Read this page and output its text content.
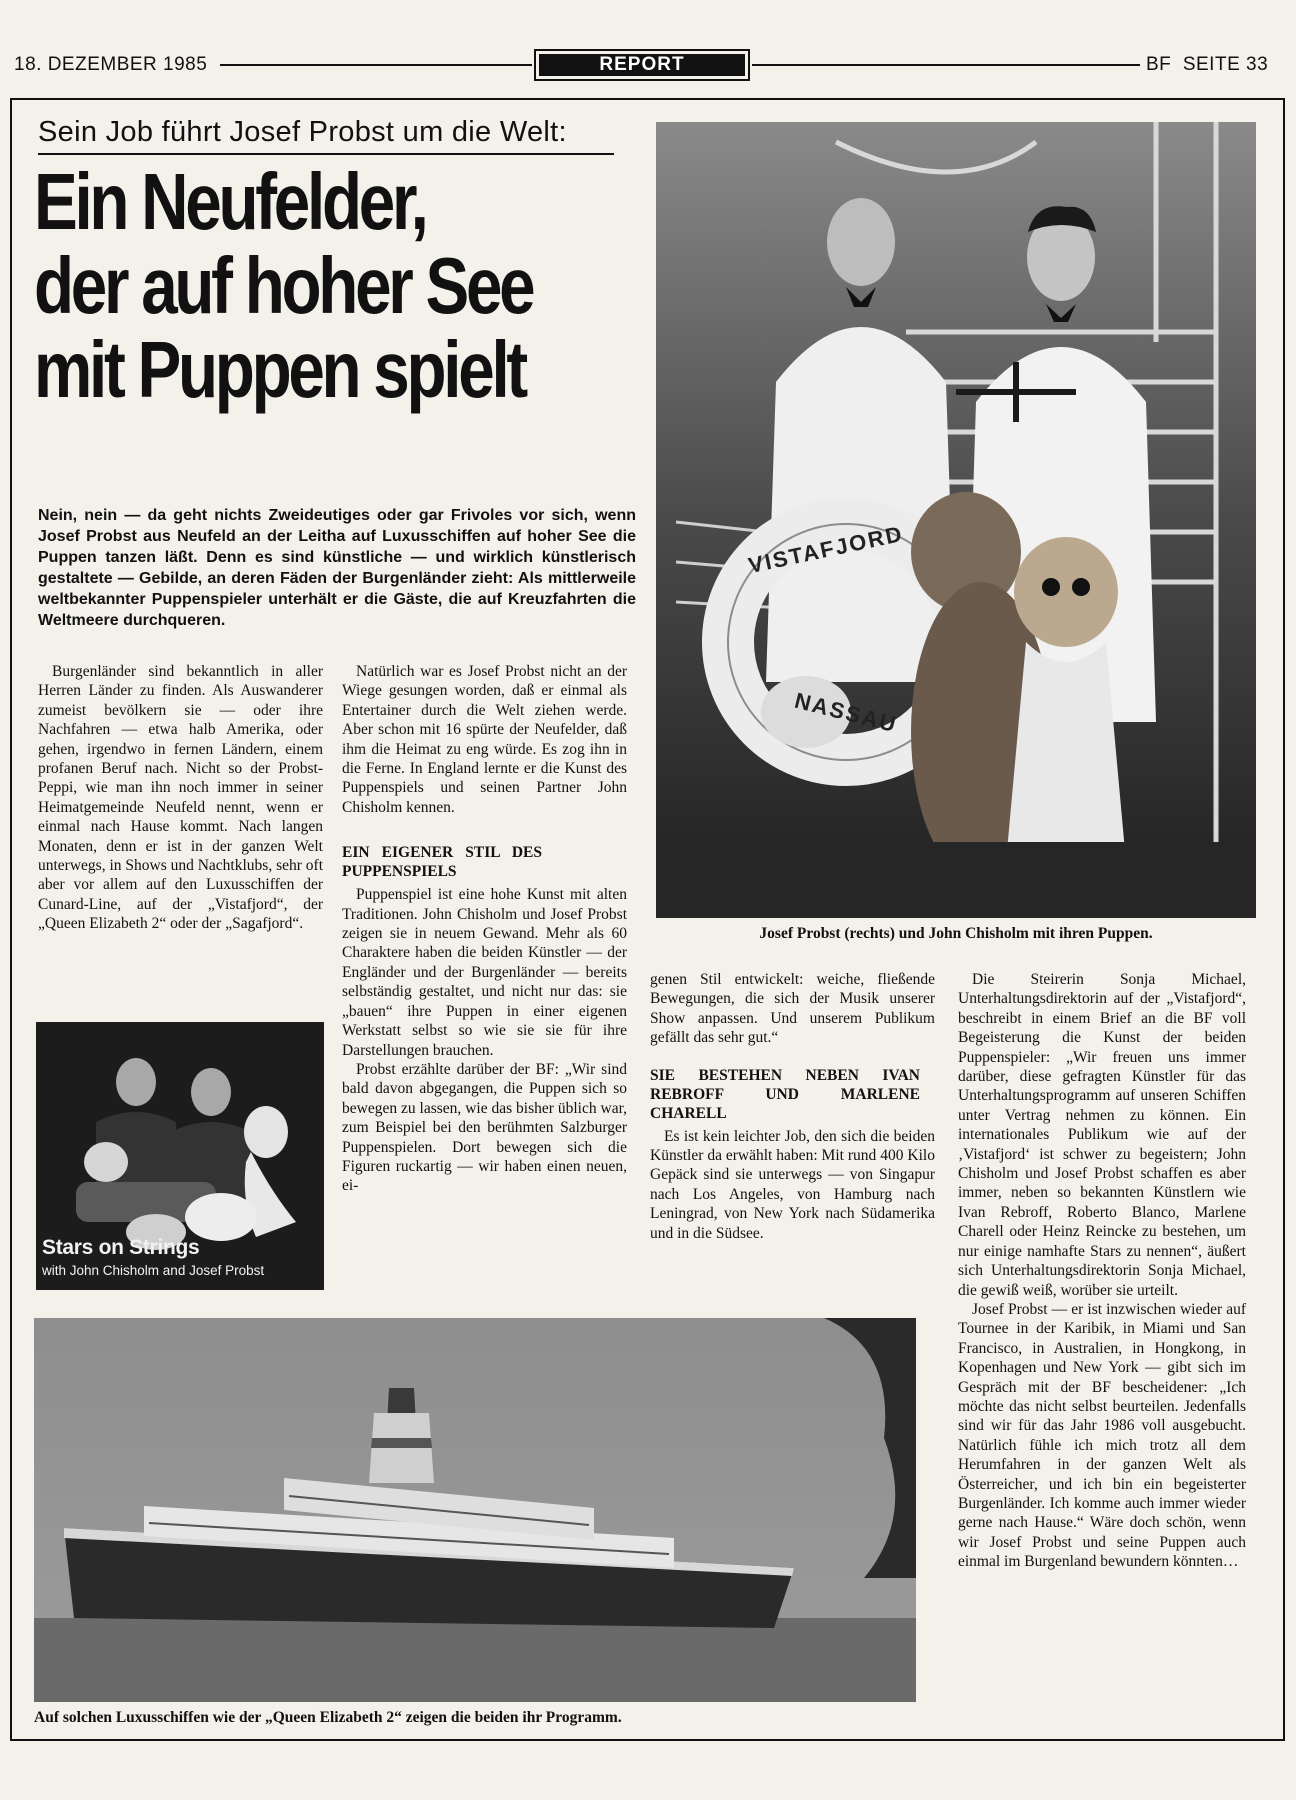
18. DEZEMBER 1985	REPORT	BF  SEITE 33
Sein Job führt Josef Probst um die Welt:
Ein Neufelder,
der auf hoher See
mit Puppen spielt
Nein, nein — da geht nichts Zweideutiges oder gar Frivoles vor sich, wenn Josef Probst aus Neufeld an der Leitha auf Luxusschiffen auf hoher See die Puppen tanzen läßt. Denn es sind künstliche — und wirklich künstlerisch gestaltete — Gebilde, an deren Fäden der Burgenländer zieht: Als mittlerweile weltbekannter Puppenspieler unterhält er die Gäste, die auf Kreuzfahrten die Weltmeere durchqueren.

Burgenländer sind bekanntlich in aller Herren Länder zu finden. Als Auswanderer zumeist bevölkern sie — oder ihre Nachfahren — etwa halb Amerika, oder gehen, irgendwo in fernen Ländern, einem profanen Beruf nach. Nicht so der Probst-Peppi, wie man ihn noch immer in seiner Heimatgemeinde Neufeld nennt, wenn er einmal nach Hause kommt. Nach langen Monaten, denn er ist in der ganzen Welt unterwegs, in Shows und Nachtklubs, sehr oft aber vor allem auf den Luxusschiffen der Cunard-Line, auf der „Vistafjord“, der „Queen Elizabeth 2“ oder der „Sagafjord“.

Natürlich war es Josef Probst nicht an der Wiege gesungen worden, daß er einmal als Entertainer durch die Welt ziehen werde. Aber schon mit 16 spürte der Neufelder, daß ihm die Heimat zu eng würde. Es zog ihn in die Ferne. In England lernte er die Kunst des Puppenspiels und seinen Partner John Chisholm kennen.

EIN EIGENER STIL DES PUPPENSPIELS

Puppenspiel ist eine hohe Kunst mit alten Traditionen. John Chisholm und Josef Probst zeigen sie in neuem Gewand. Mehr als 60 Charaktere haben die beiden Künstler — der Engländer und der Burgenländer — bereits selbständig gestaltet, und nicht nur das: sie „bauen“ ihre Puppen in einer eigenen Werkstatt selbst so wie sie sie für ihre Darstellungen brauchen.

Probst erzählte darüber der BF: „Wir sind bald davon abgegangen, die Puppen sich so bewegen zu lassen, wie das bisher üblich war, zum Beispiel bei den berühmten Salzburger Puppenspielen. Dort bewegen sich die Figuren ruckartig — wir haben einen neuen, ei-

genen Stil entwickelt: weiche, fließende Bewegungen, die sich der Musik unserer Show anpassen. Und unserem Publikum gefällt das sehr gut.“

SIE BESTEHEN NEBEN IVAN REBROFF UND MARLENE CHARELL

Es ist kein leichter Job, den sich die beiden Künstler da erwählt haben: Mit rund 400 Kilo Gepäck sind sie unterwegs — von Singapur nach Los Angeles, von Hamburg nach Leningrad, von New York nach Südamerika und in die Südsee.

Die Steirerin Sonja Michael, Unterhaltungsdirektorin auf der „Vistafjord“, beschreibt in einem Brief an die BF voll Begeisterung die Kunst der beiden Puppenspieler: „Wir freuen uns immer darüber, diese gefragten Künstler für das Unterhaltungsprogramm auf unseren Schiffen unter Vertrag nehmen zu können. Ein internationales Publikum wie auf der ‚Vistafjord‘ ist schwer zu begeistern; John Chisholm und Josef Probst schaffen es aber immer, neben so bekannten Künstlern wie Ivan Rebroff, Roberto Blanco, Marlene Charell oder Heinz Reincke zu bestehen, um nur einige namhafte Stars zu nennen“, äußert sich Unterhaltungsdirektorin Sonja Michael, die gewiß weiß, worüber sie urteilt.

Josef Probst — er ist inzwischen wieder auf Tournee in der Karibik, in Miami und San Francisco, in Australien, in Hongkong, in Kopenhagen und New York — gibt sich im Gespräch mit der BF bescheidener: „Ich möchte das nicht selbst beurteilen. Jedenfalls sind wir für das Jahr 1986 voll ausgebucht. Natürlich fühle ich mich trotz all dem Herumfahren in der ganzen Welt als Österreicher, und ich bin ein begeisterter Burgenländer. Ich komme auch immer wieder gerne nach Hause.“ Wäre doch schön, wenn wir Josef Probst und seine Puppen auch einmal im Burgenland bewundern könnten…

VISTAFJORD
NASSAU
Josef Probst (rechts) und John Chisholm mit ihren Puppen.
Stars on Strings
with John Chisholm and Josef Probst
Auf solchen Luxusschiffen wie der „Queen Elizabeth 2“ zeigen die beiden ihr Programm.
